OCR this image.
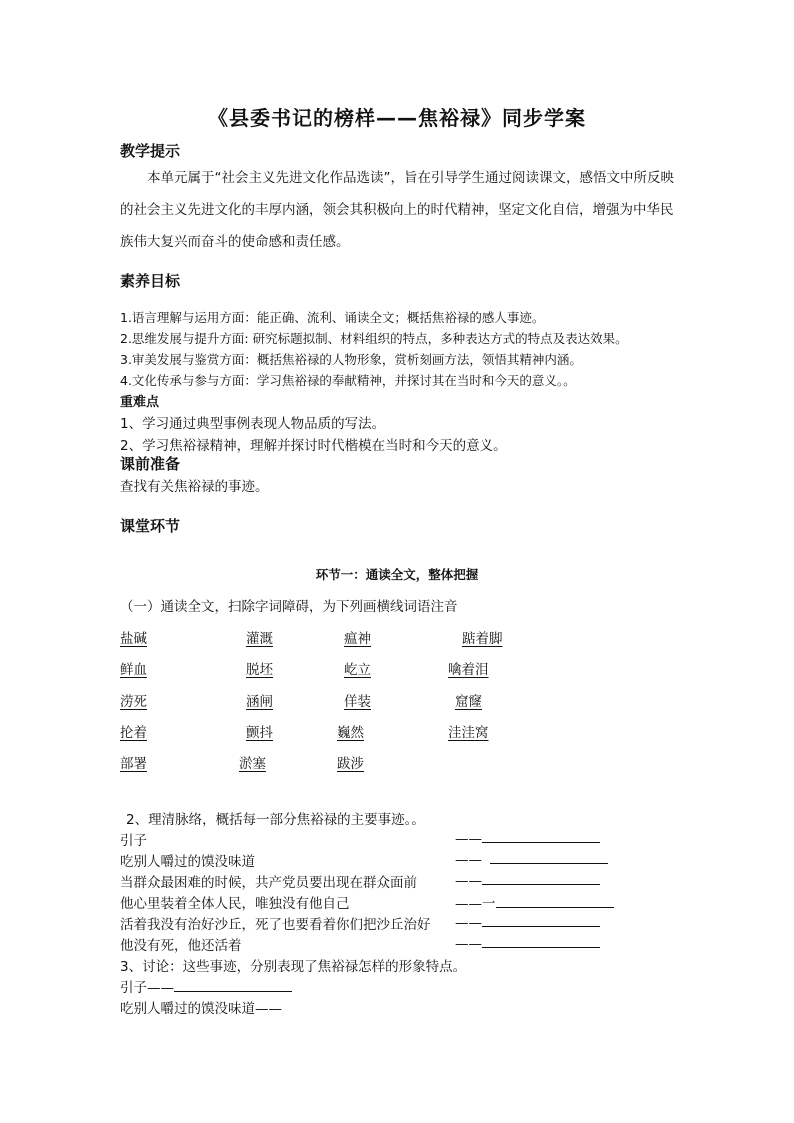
《县委书记的榜样——焦裕禄》同步学案
教学提示
本单元属于“社会主义先进文化作品选读”，旨在引导学生通过阅读课文，感悟文中所反映的社会主义先进文化的丰厚内涵，领会其积极向上的时代精神，坚定文化自信，增强为中华民族伟大复兴而奋斗的使命感和责任感。
素养目标
1.语言理解与运用方面：能正确、流利、诵读全文；概括焦裕禄的感人事迹。
2.思维发展与提升方面: 研究标题拟制、材料组织的特点，多种表达方式的特点及表达效果。
3.审美发展与鉴赏方面：概括焦裕禄的人物形象，赏析刻画方法，领悟其精神内涵。
4.文化传承与参与方面：学习焦裕禄的奉献精神，并探讨其在当时和今天的意义。。
重难点
1、学习通过典型事例表现人物品质的写法。
2、学习焦裕禄精神，理解并探讨时代楷模在当时和今天的意义。
课前准备
查找有关焦裕禄的事迹。
课堂环节
环节一：通读全文，整体把握
（一）通读全文，扫除字词障碍，为下列画横线词语注音
盐碱	灌溉	瘟神	踮着脚
鲜血	脱坯	屹立	噙着泪
涝死	涵闸	佯装	窟窿
抡着	颤抖	巍然	洼洼窝
部署	淤塞	跋涉
2、理清脉络，概括每一部分焦裕禄的主要事迹。。
引子	——
吃别人嚼过的馍没味道	——
当群众最困难的时候，共产党员要出现在群众面前	——
他心里装着全体人民，唯独没有他自己	——一
活着我没有治好沙丘，死了也要看着你们把沙丘治好 ——
他没有死，他还活着	——
3、讨论：这些事迹，分别表现了焦裕禄怎样的形象特点。
引子——
吃别人嚼过的馍没味道——
